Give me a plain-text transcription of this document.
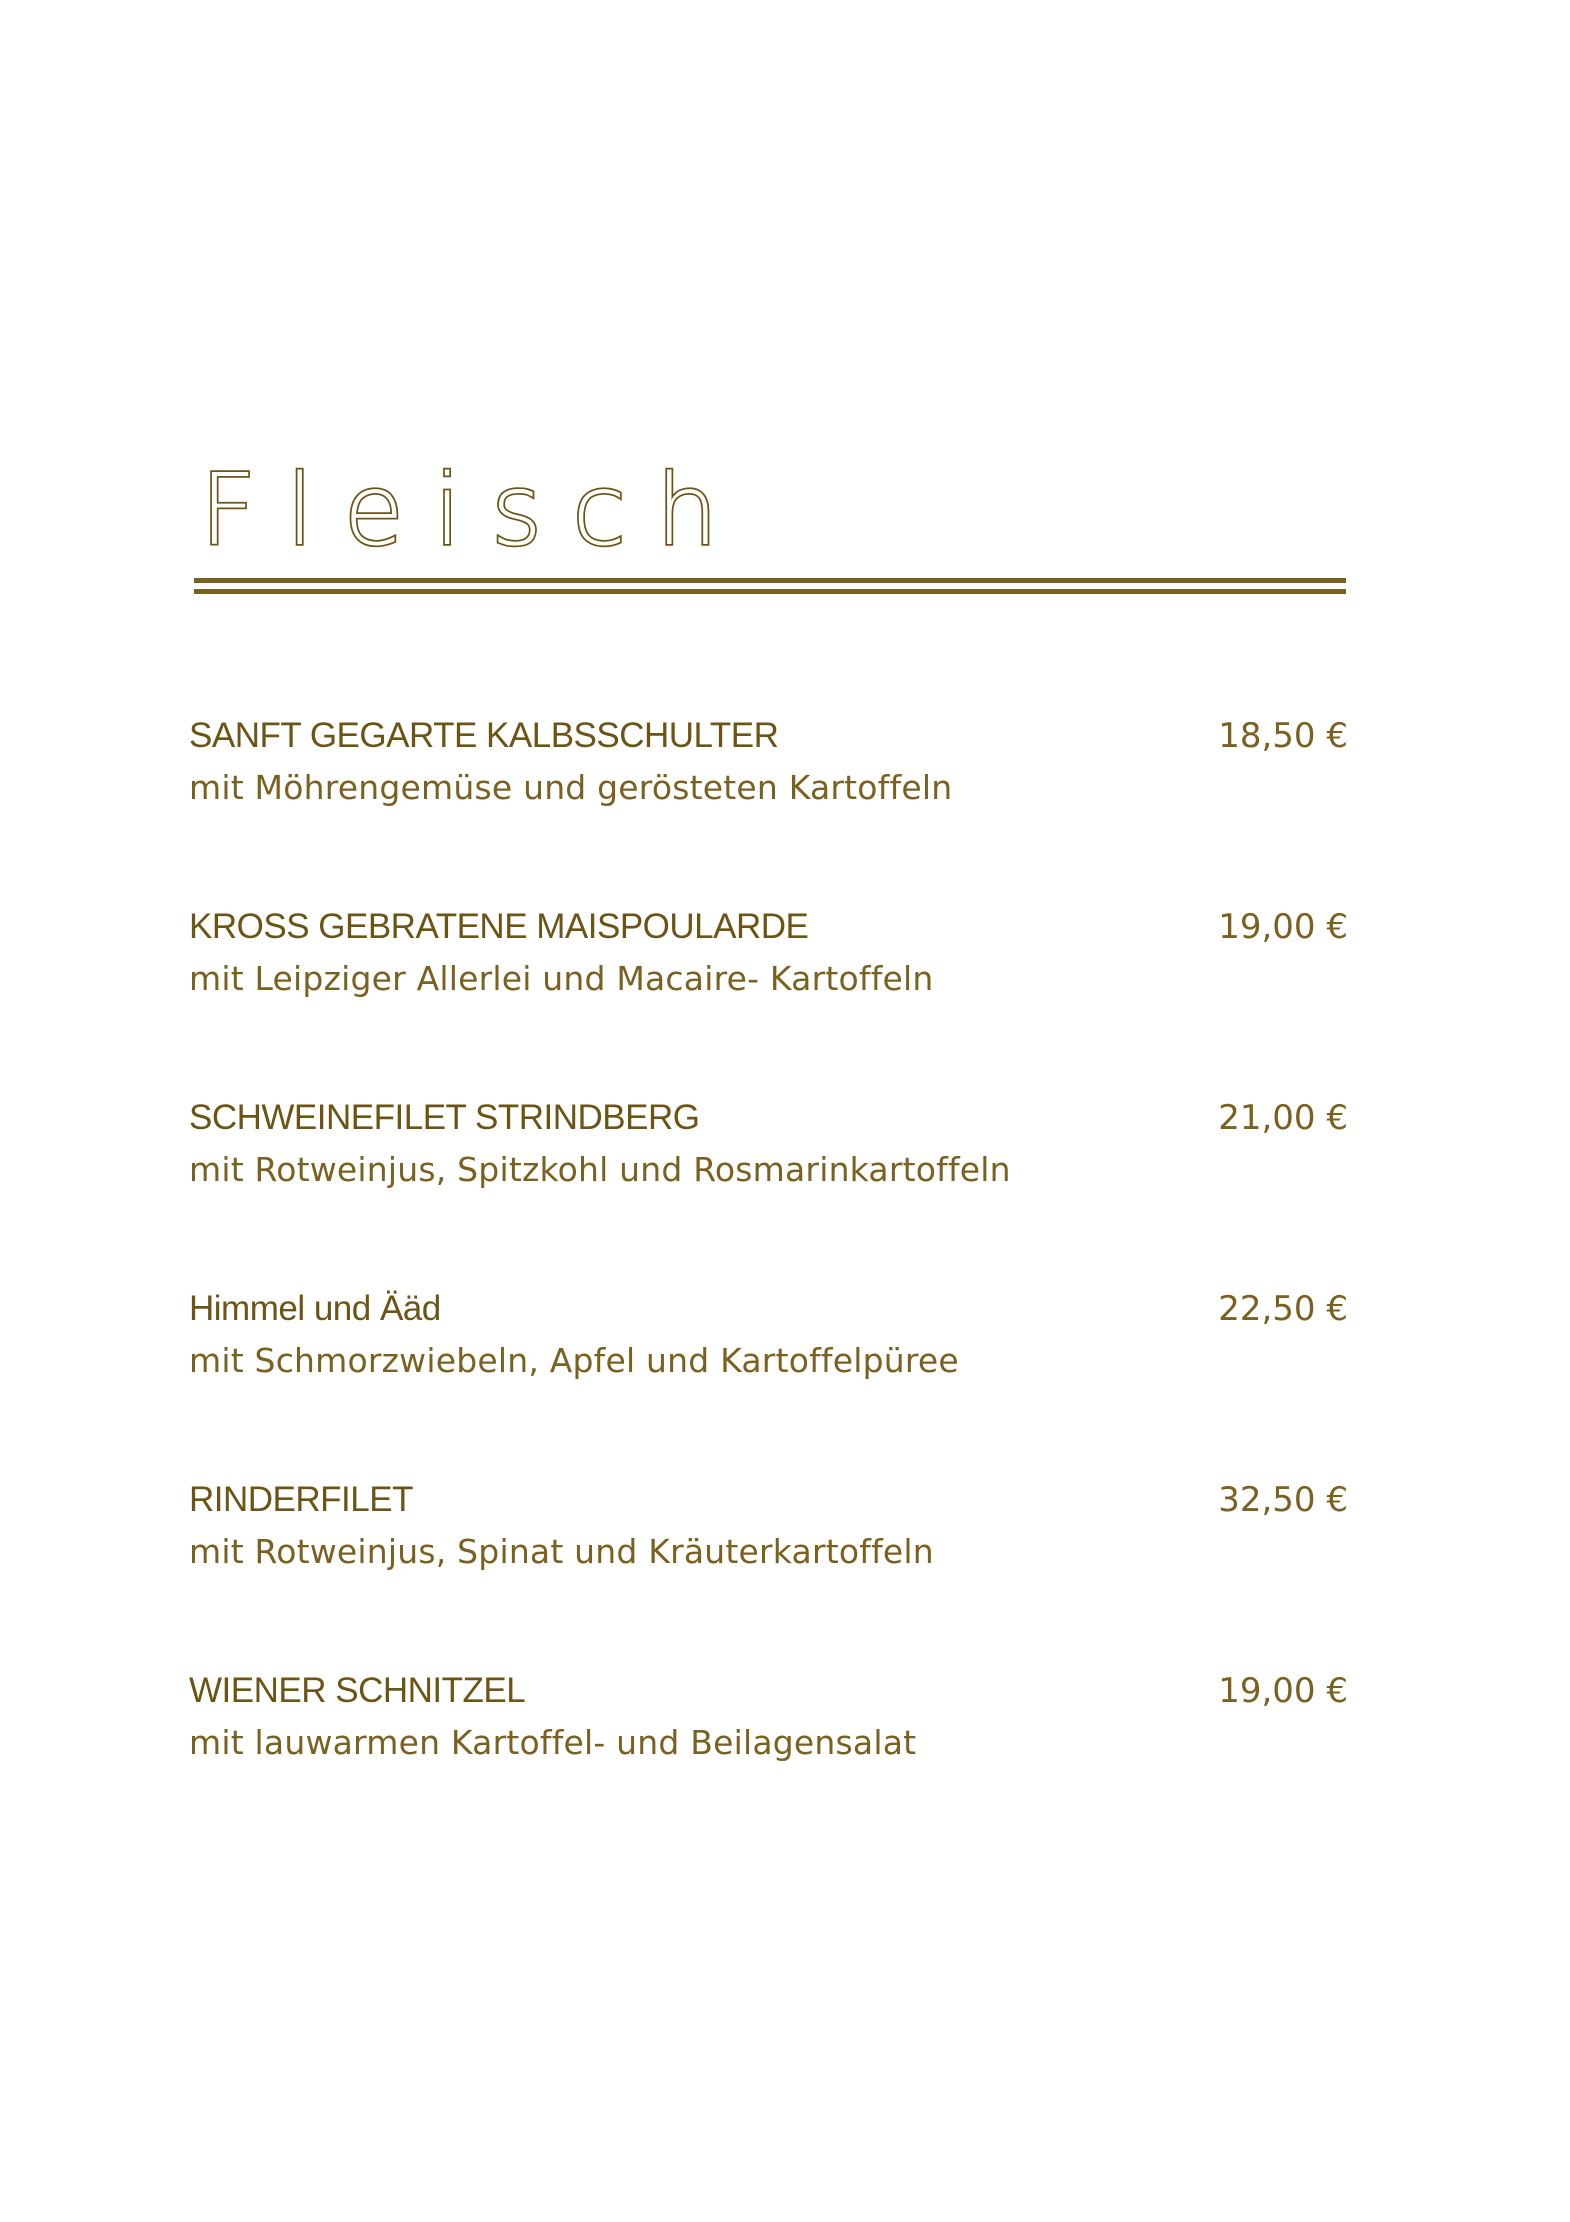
Fleisch
SANFT GEGARTE KALBSSCHULTER	18,50 €
mit Möhrengemüse und gerösteten Kartoffeln
KROSS GEBRATENE MAISPOULARDE	19,00 €
mit Leipziger Allerlei und Macaire- Kartoffeln
SCHWEINEFILET STRINDBERG	21,00 €
mit Rotweinjus, Spitzkohl und Rosmarinkartoffeln
Himmel und Ääd	22,50 €
mit Schmorzwiebeln, Apfel und Kartoffelpüree
RINDERFILET	32,50 €
mit Rotweinjus, Spinat und Kräuterkartoffeln
WIENER SCHNITZEL	19,00 €
mit lauwarmen Kartoffel- und Beilagensalat
